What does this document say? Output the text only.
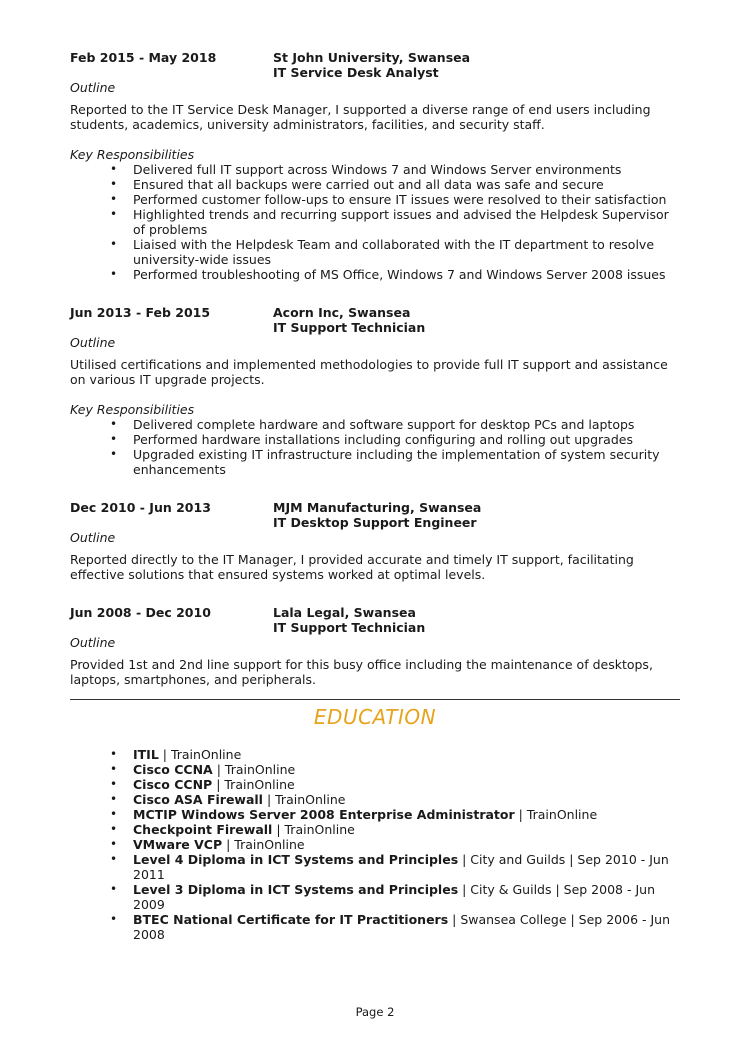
Feb 2015 - May 2018	St John University, Swansea
IT Service Desk Analyst
Outline

Reported to the IT Service Desk Manager, I supported a diverse range of end users including students, academics, university administrators, facilities, and security staff.

Key Responsibilities
• Delivered full IT support across Windows 7 and Windows Server environments
• Ensured that all backups were carried out and all data was safe and secure
• Performed customer follow-ups to ensure IT issues were resolved to their satisfaction
• Highlighted trends and recurring support issues and advised the Helpdesk Supervisor of problems
• Liaised with the Helpdesk Team and collaborated with the IT department to resolve university-wide issues
• Performed troubleshooting of MS Office, Windows 7 and Windows Server 2008 issues
Jun 2013 - Feb 2015	Acorn Inc, Swansea
IT Support Technician
Outline

Utilised certifications and implemented methodologies to provide full IT support and assistance on various IT upgrade projects.

Key Responsibilities
• Delivered complete hardware and software support for desktop PCs and laptops
• Performed hardware installations including configuring and rolling out upgrades
• Upgraded existing IT infrastructure including the implementation of system security enhancements
Dec 2010 - Jun 2013	MJM Manufacturing, Swansea
IT Desktop Support Engineer
Outline

Reported directly to the IT Manager, I provided accurate and timely IT support, facilitating effective solutions that ensured systems worked at optimal levels.

Jun 2008 - Dec 2010	Lala Legal, Swansea
IT Support Technician
Outline

Provided 1st and 2nd line support for this busy office including the maintenance of desktops, laptops, smartphones, and peripherals.

EDUCATION
• ITIL | TrainOnline
• Cisco CCNA | TrainOnline
• Cisco CCNP | TrainOnline
• Cisco ASA Firewall | TrainOnline
• MCTIP Windows Server 2008 Enterprise Administrator | TrainOnline
• Checkpoint Firewall | TrainOnline
• VMware VCP | TrainOnline
• Level 4 Diploma in ICT Systems and Principles | City and Guilds | Sep 2010 - Jun 2011
• Level 3 Diploma in ICT Systems and Principles | City & Guilds | Sep 2008 - Jun 2009
• BTEC National Certificate for IT Practitioners | Swansea College | Sep 2006 - Jun 2008
Page 2
